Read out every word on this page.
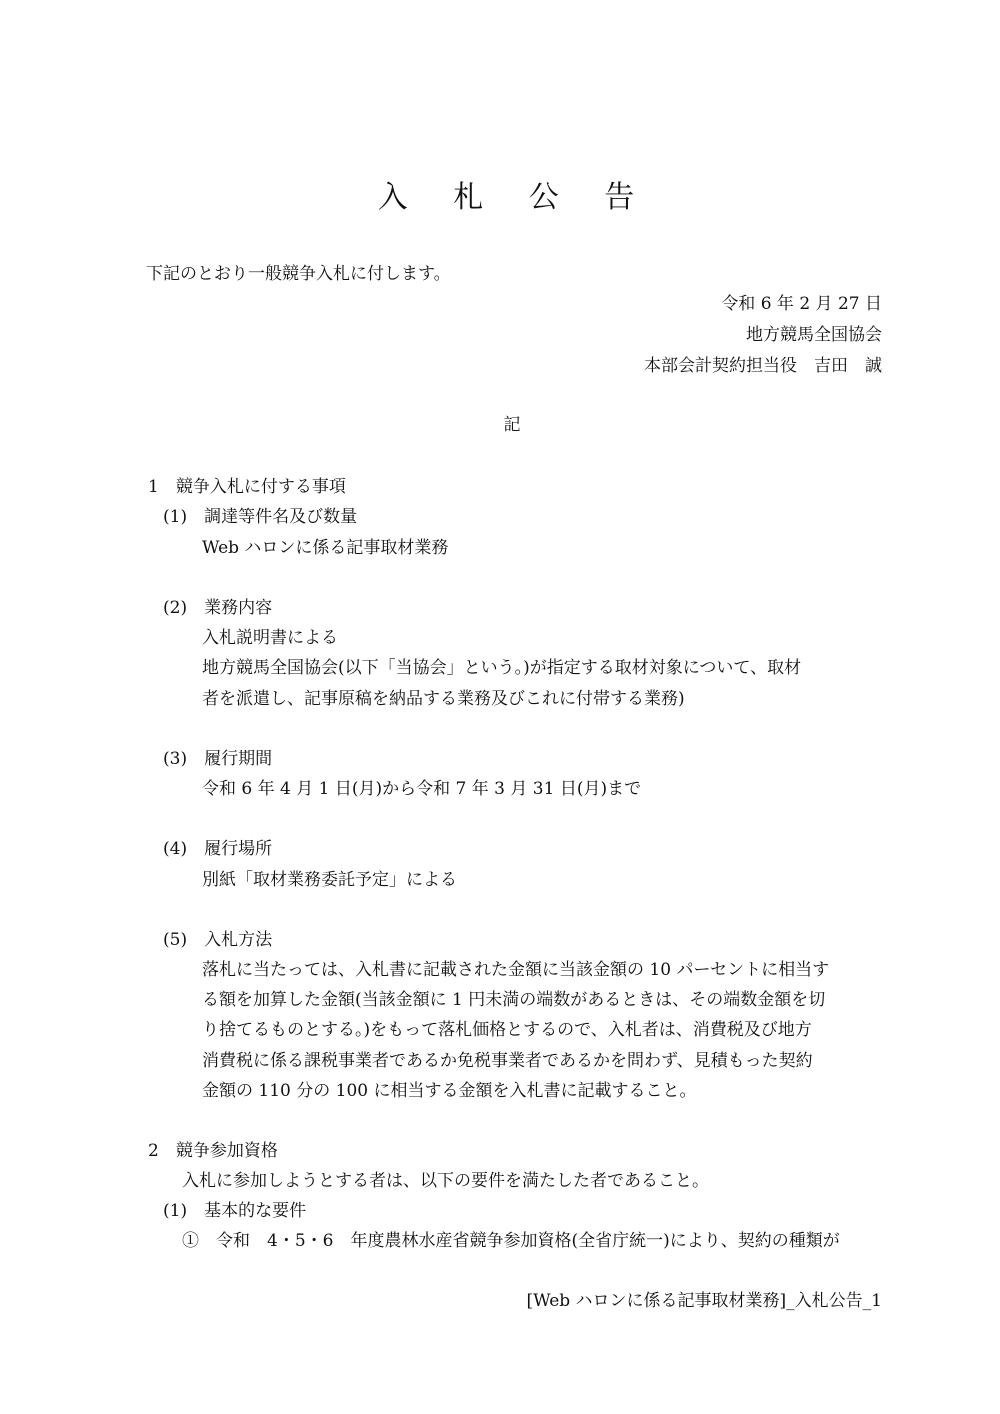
入 札 公 告
下記のとおり一般競争入札に付します。
令和 6 年 2 月 27 日
地方競馬全国協会
本部会計契約担当役　吉田　誠
記
1　競争入札に付する事項
(1)　調達等件名及び数量
Web ハロンに係る記事取材業務
(2)　業務内容
入札説明書による
地方競馬全国協会(以下「当協会」という。)が指定する取材対象について、取材
者を派遣し、記事原稿を納品する業務及びこれに付帯する業務)
(3)　履行期間
令和 6 年 4 月 1 日(月)から令和 7 年 3 月 31 日(月)まで
(4)　履行場所
別紙「取材業務委託予定」による
(5)　入札方法
落札に当たっては、入札書に記載された金額に当該金額の 10 パーセントに相当す
る額を加算した金額(当該金額に 1 円未満の端数があるときは、その端数金額を切
り捨てるものとする。)をもって落札価格とするので、入札者は、消費税及び地方
消費税に係る課税事業者であるか免税事業者であるかを問わず、見積もった契約
金額の 110 分の 100 に相当する金額を入札書に記載すること。
2　競争参加資格
入札に参加しようとする者は、以下の要件を満たした者であること。
(1)　基本的な要件
①　令和　4・5・6　年度農林水産省競争参加資格(全省庁統一)により、契約の種類が
[Web ハロンに係る記事取材業務]_入札公告_1
